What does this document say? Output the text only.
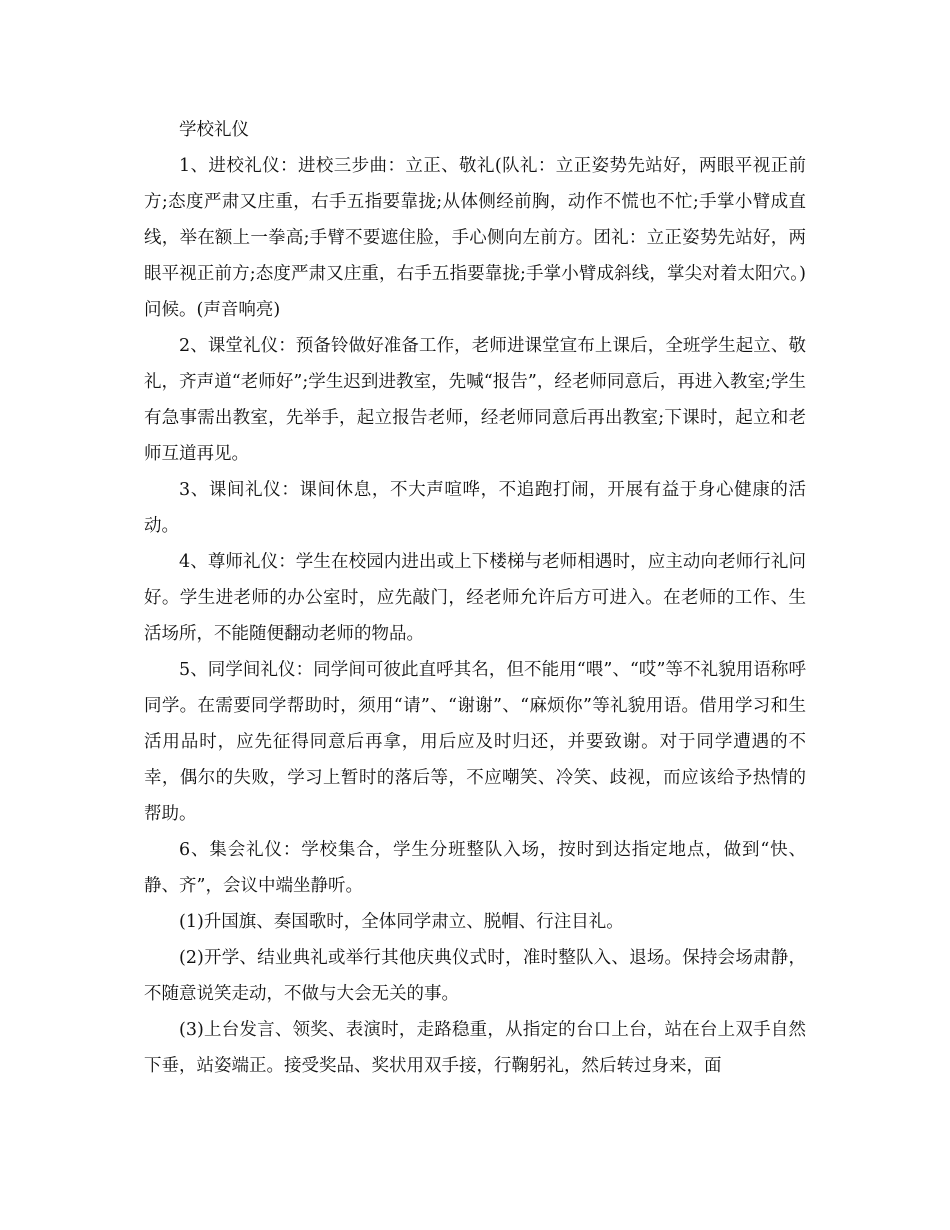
学校礼仪

1、进校礼仪：进校三步曲：立正、敬礼(队礼：立正姿势先站好，两眼平视正前方;态度严肃又庄重，右手五指要靠拢;从体侧经前胸，动作不慌也不忙;手掌小臂成直线，举在额上一拳高;手臂不要遮住脸，手心侧向左前方。团礼：立正姿势先站好，两眼平视正前方;态度严肃又庄重，右手五指要靠拢;手掌小臂成斜线，掌尖对着太阳穴。)问候。(声音响亮)

2、课堂礼仪：预备铃做好准备工作，老师进课堂宣布上课后，全班学生起立、敬礼，齐声道“老师好”;学生迟到进教室，先喊“报告”，经老师同意后，再进入教室;学生有急事需出教室，先举手，起立报告老师，经老师同意后再出教室;下课时，起立和老师互道再见。

3、课间礼仪：课间休息，不大声喧哗，不追跑打闹，开展有益于身心健康的活动。

4、尊师礼仪：学生在校园内进出或上下楼梯与老师相遇时，应主动向老师行礼问好。学生进老师的办公室时，应先敲门，经老师允许后方可进入。在老师的工作、生活场所，不能随便翻动老师的物品。

5、同学间礼仪：同学间可彼此直呼其名，但不能用“喂”、“哎”等不礼貌用语称呼同学。在需要同学帮助时，须用“请”、“谢谢”、“麻烦你”等礼貌用语。借用学习和生活用品时，应先征得同意后再拿，用后应及时归还，并要致谢。对于同学遭遇的不幸，偶尔的失败，学习上暂时的落后等，不应嘲笑、冷笑、歧视，而应该给予热情的帮助。

6、集会礼仪：学校集合，学生分班整队入场，按时到达指定地点，做到“快、静、齐”，会议中端坐静听。

(1)升国旗、奏国歌时，全体同学肃立、脱帽、行注目礼。

(2)开学、结业典礼或举行其他庆典仪式时，准时整队入、退场。保持会场肃静，不随意说笑走动，不做与大会无关的事。

(3)上台发言、领奖、表演时，走路稳重，从指定的台口上台，站在台上双手自然下垂，站姿端正。接受奖品、奖状用双手接，行鞠躬礼，然后转过身来，面
